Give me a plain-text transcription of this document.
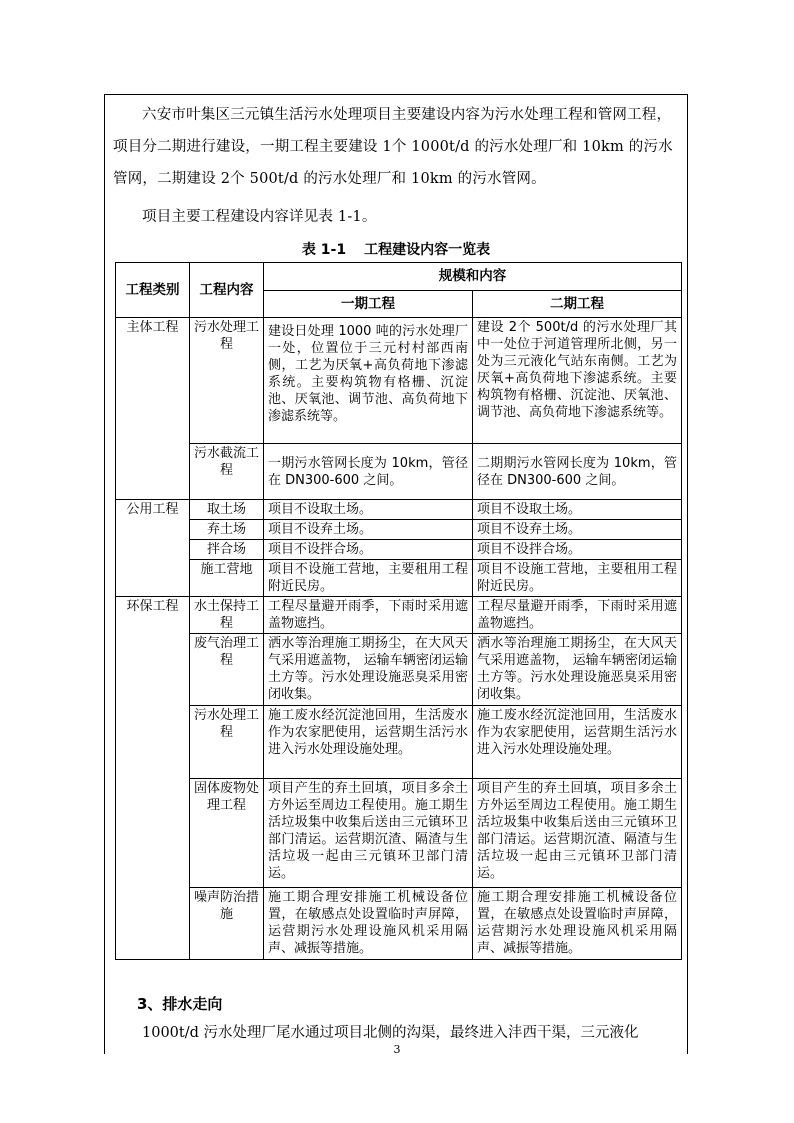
六安市叶集区三元镇生活污水处理项目主要建设内容为污水处理工程和管网工程，项目分二期进行建设，一期工程主要建设 1个 1000t/d 的污水处理厂和 10km 的污水管网，二期建设 2个 500t/d 的污水处理厂和 10km 的污水管网。

项目主要工程建设内容详见表 1-1。

表 1-1 工程建设内容一览表
工程类别	工程内容	规模和内容	
		一期工程	二期工程
主体工程	污水处理工程	建设日处理 1000 吨的污水处理厂一处，位置位于三元村村部西南侧，工艺为厌氧+高负荷地下渗滤系统。主要构筑物有格栅、沉淀池、厌氧池、调节池、高负荷地下渗滤系统等。	建设 2个 500t/d 的污水处理厂其中一处位于河道管理所北侧，另一处为三元液化气站东南侧。工艺为厌氧+高负荷地下渗滤系统。主要构筑物有格栅、沉淀池、厌氧池、调节池、高负荷地下渗滤系统等。
	污水截流工程	一期污水管网长度为 10km，管径在 DN300-600 之间。	二期期污水管网长度为 10km，管径在 DN300-600 之间。
公用工程	取土场	项目不设取土场。	项目不设取土场。
	弃土场	项目不设弃土场。	项目不设弃土场。
	拌合场	项目不设拌合场。	项目不设拌合场。
	施工营地	项目不设施工营地，主要租用工程附近民房。	项目不设施工营地，主要租用工程附近民房。
环保工程	水土保持工程	工程尽量避开雨季，下雨时采用遮盖物遮挡。	工程尽量避开雨季，下雨时采用遮盖物遮挡。
	废气治理工程	洒水等治理施工期扬尘，在大风天气采用遮盖物， 运输车辆密闭运输土方等。污水处理设施恶臭采用密闭收集。	洒水等治理施工期扬尘，在大风天气采用遮盖物， 运输车辆密闭运输土方等。污水处理设施恶臭采用密闭收集。
	污水处理工程	施工废水经沉淀池回用，生活废水作为农家肥使用，运营期生活污水进入污水处理设施处理。	施工废水经沉淀池回用，生活废水作为农家肥使用，运营期生活污水进入污水处理设施处理。
	固体废物处理工程	项目产生的弃土回填，项目多余土方外运至周边工程使用。施工期生活垃圾集中收集后送由三元镇环卫部门清运。运营期沉渣、隔渣与生活垃圾一起由三元镇环卫部门清运。	项目产生的弃土回填，项目多余土方外运至周边工程使用。施工期生活垃圾集中收集后送由三元镇环卫部门清运。运营期沉渣、隔渣与生活垃圾一起由三元镇环卫部门清运。
	噪声防治措施	施工期合理安排施工机械设备位置，在敏感点处设置临时声屏障，运营期污水处理设施风机采用隔声、减振等措施。	施工期合理安排施工机械设备位置，在敏感点处设置临时声屏障，运营期污水处理设施风机采用隔声、减振等措施。
3、排水走向

1000t/d 污水处理厂尾水通过项目北侧的沟渠，最终进入沣西干渠，三元液化

3
